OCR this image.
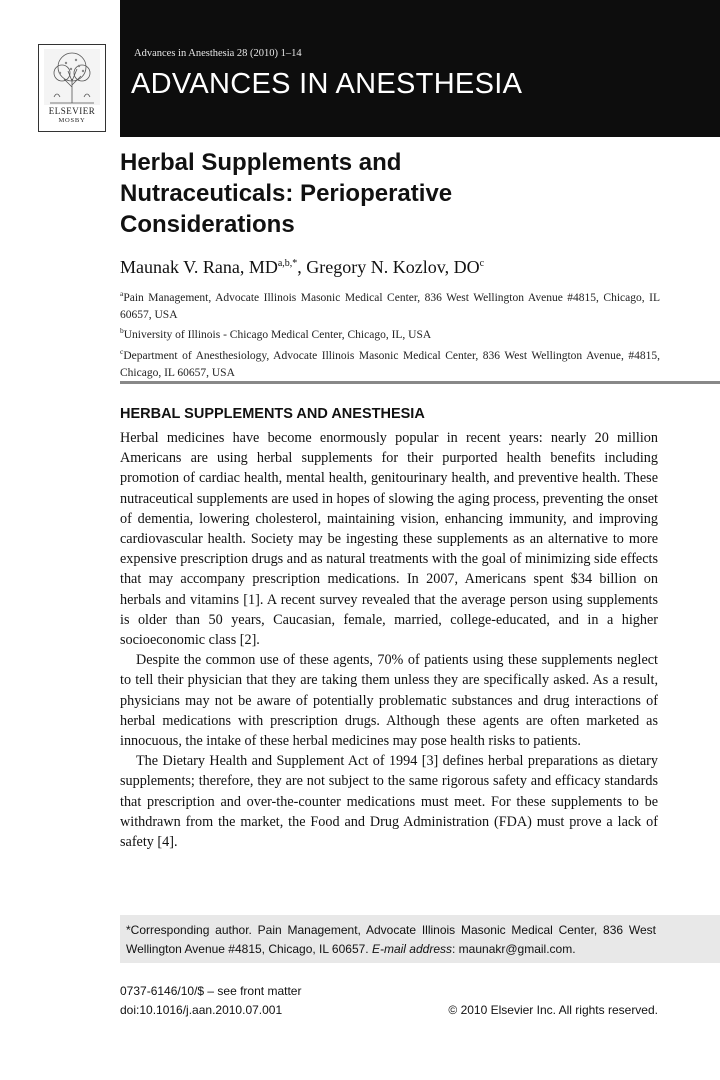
ELSEVIER
MOSBY
Advances in Anesthesia 28 (2010) 1–14
ADVANCES IN ANESTHESIA
Herbal Supplements and
Nutraceuticals: Perioperative
Considerations
Maunak V. Rana, $MD^{a,b,*}$, Gregory N. Kozlov, $DO^c$

$^a$Pain Management, Advocate Illinois Masonic Medical Center, 836 West Wellington Avenue #4815, Chicago, IL 60657, USA

$^b$University of Illinois - Chicago Medical Center, Chicago, IL, USA

$^c$Department of Anesthesiology, Advocate Illinois Masonic Medical Center, 836 West Wellington Avenue, #4815, Chicago, IL 60657, USA

HERBAL SUPPLEMENTS AND ANESTHESIA

Herbal medicines have become enormously popular in recent years: nearly 20 million Americans are using herbal supplements for their purported health benefits including promotion of cardiac health, mental health, genitourinary health, and preventive health. These nutraceutical supplements are used in hopes of slowing the aging process, preventing the onset of dementia, lowering cholesterol, maintaining vision, enhancing immunity, and improving cardiovascular health. Society may be ingesting these supplements as an alternative to more expensive prescription drugs and as natural treatments with the goal of minimizing side effects that may accompany prescription medications. In 2007, Americans spent $34 billion on herbals and vitamins [1]. A recent survey revealed that the average person using supplements is older than 50 years, Caucasian, female, married, college-educated, and in a higher socioeconomic class [2].

Despite the common use of these agents, 70% of patients using these supplements neglect to tell their physician that they are taking them unless they are specifically asked. As a result, physicians may not be aware of potentially problematic substances and drug interactions of herbal medications with prescription drugs. Although these agents are often marketed as innocuous, the intake of these herbal medicines may pose health risks to patients.

The Dietary Health and Supplement Act of 1994 [3] defines herbal preparations as dietary supplements; therefore, they are not subject to the same rigorous safety and efficacy standards that prescription and over-the-counter medications must meet. For these supplements to be withdrawn from the market, the Food and Drug Administration (FDA) must prove a lack of safety [4].

*Corresponding author. Pain Management, Advocate Illinois Masonic Medical Center, 836 West Wellington Avenue #4815, Chicago, IL 60657. E-mail address: maunakr@gmail.com.
0737-6146/10/$ – see front matter
doi:10.1016/j.aan.2010.07.001	© 2010 Elsevier Inc. All rights reserved.
